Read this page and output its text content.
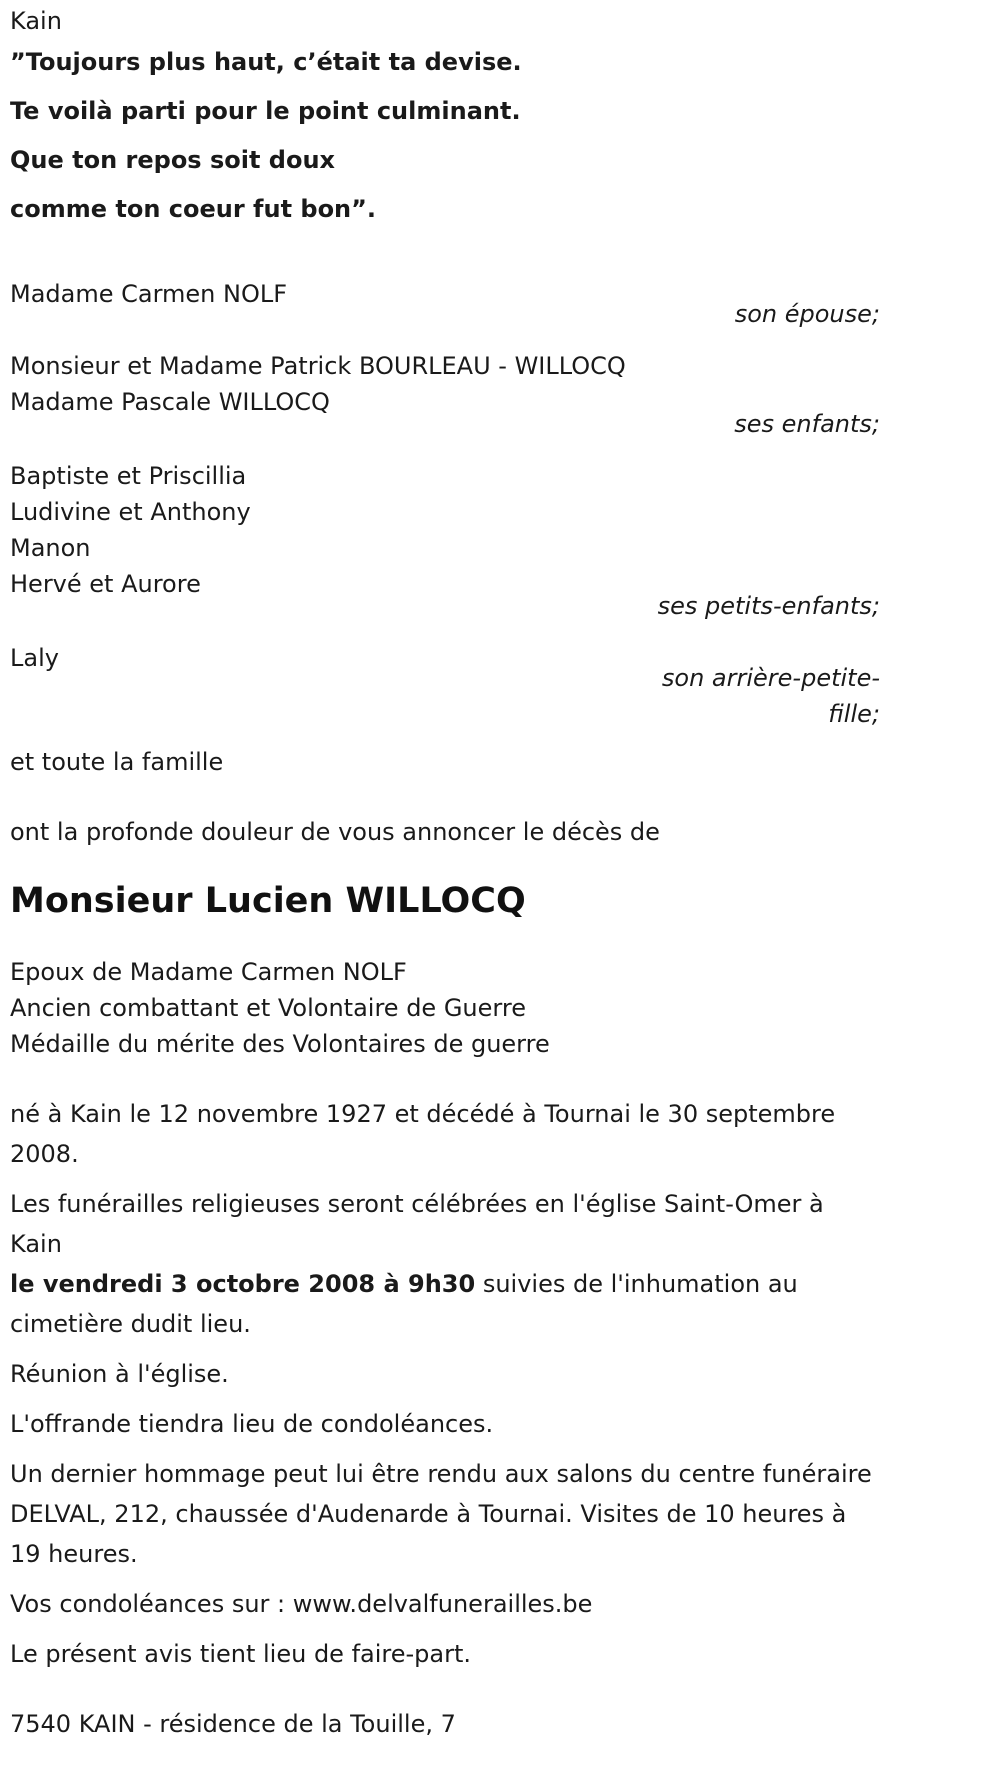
Kain
”Toujours plus haut, c’était ta devise.
Te voilà parti pour le point culminant.
Que ton repos soit doux
comme ton coeur fut bon”.
Madame Carmen NOLF
son épouse;
Monsieur et Madame Patrick BOURLEAU - WILLOCQ
Madame Pascale WILLOCQ
ses enfants;
Baptiste et Priscillia
Ludivine et Anthony
Manon
Hervé et Aurore
ses petits-enfants;
Laly
son arrière-petite-
fille;
et toute la famille
ont la profonde douleur de vous annoncer le décès de
Monsieur Lucien WILLOCQ
Epoux de Madame Carmen NOLF
Ancien combattant et Volontaire de Guerre
Médaille du mérite des Volontaires de guerre
né à Kain le 12 novembre 1927 et décédé à Tournai le 30 septembre 2008.
Les funérailles religieuses seront célébrées en l'église Saint-Omer à Kain
le vendredi 3 octobre 2008 à 9h30 suivies de l'inhumation au cimetière dudit lieu.
Réunion à l'église.
L'offrande tiendra lieu de condoléances.
Un dernier hommage peut lui être rendu aux salons du centre funéraire DELVAL, 212, chaussée d'Audenarde à Tournai. Visites de 10 heures à 19 heures.
Vos condoléances sur : www.delvalfunerailles.be
Le présent avis tient lieu de faire-part.
7540 KAIN - résidence de la Touille, 7
